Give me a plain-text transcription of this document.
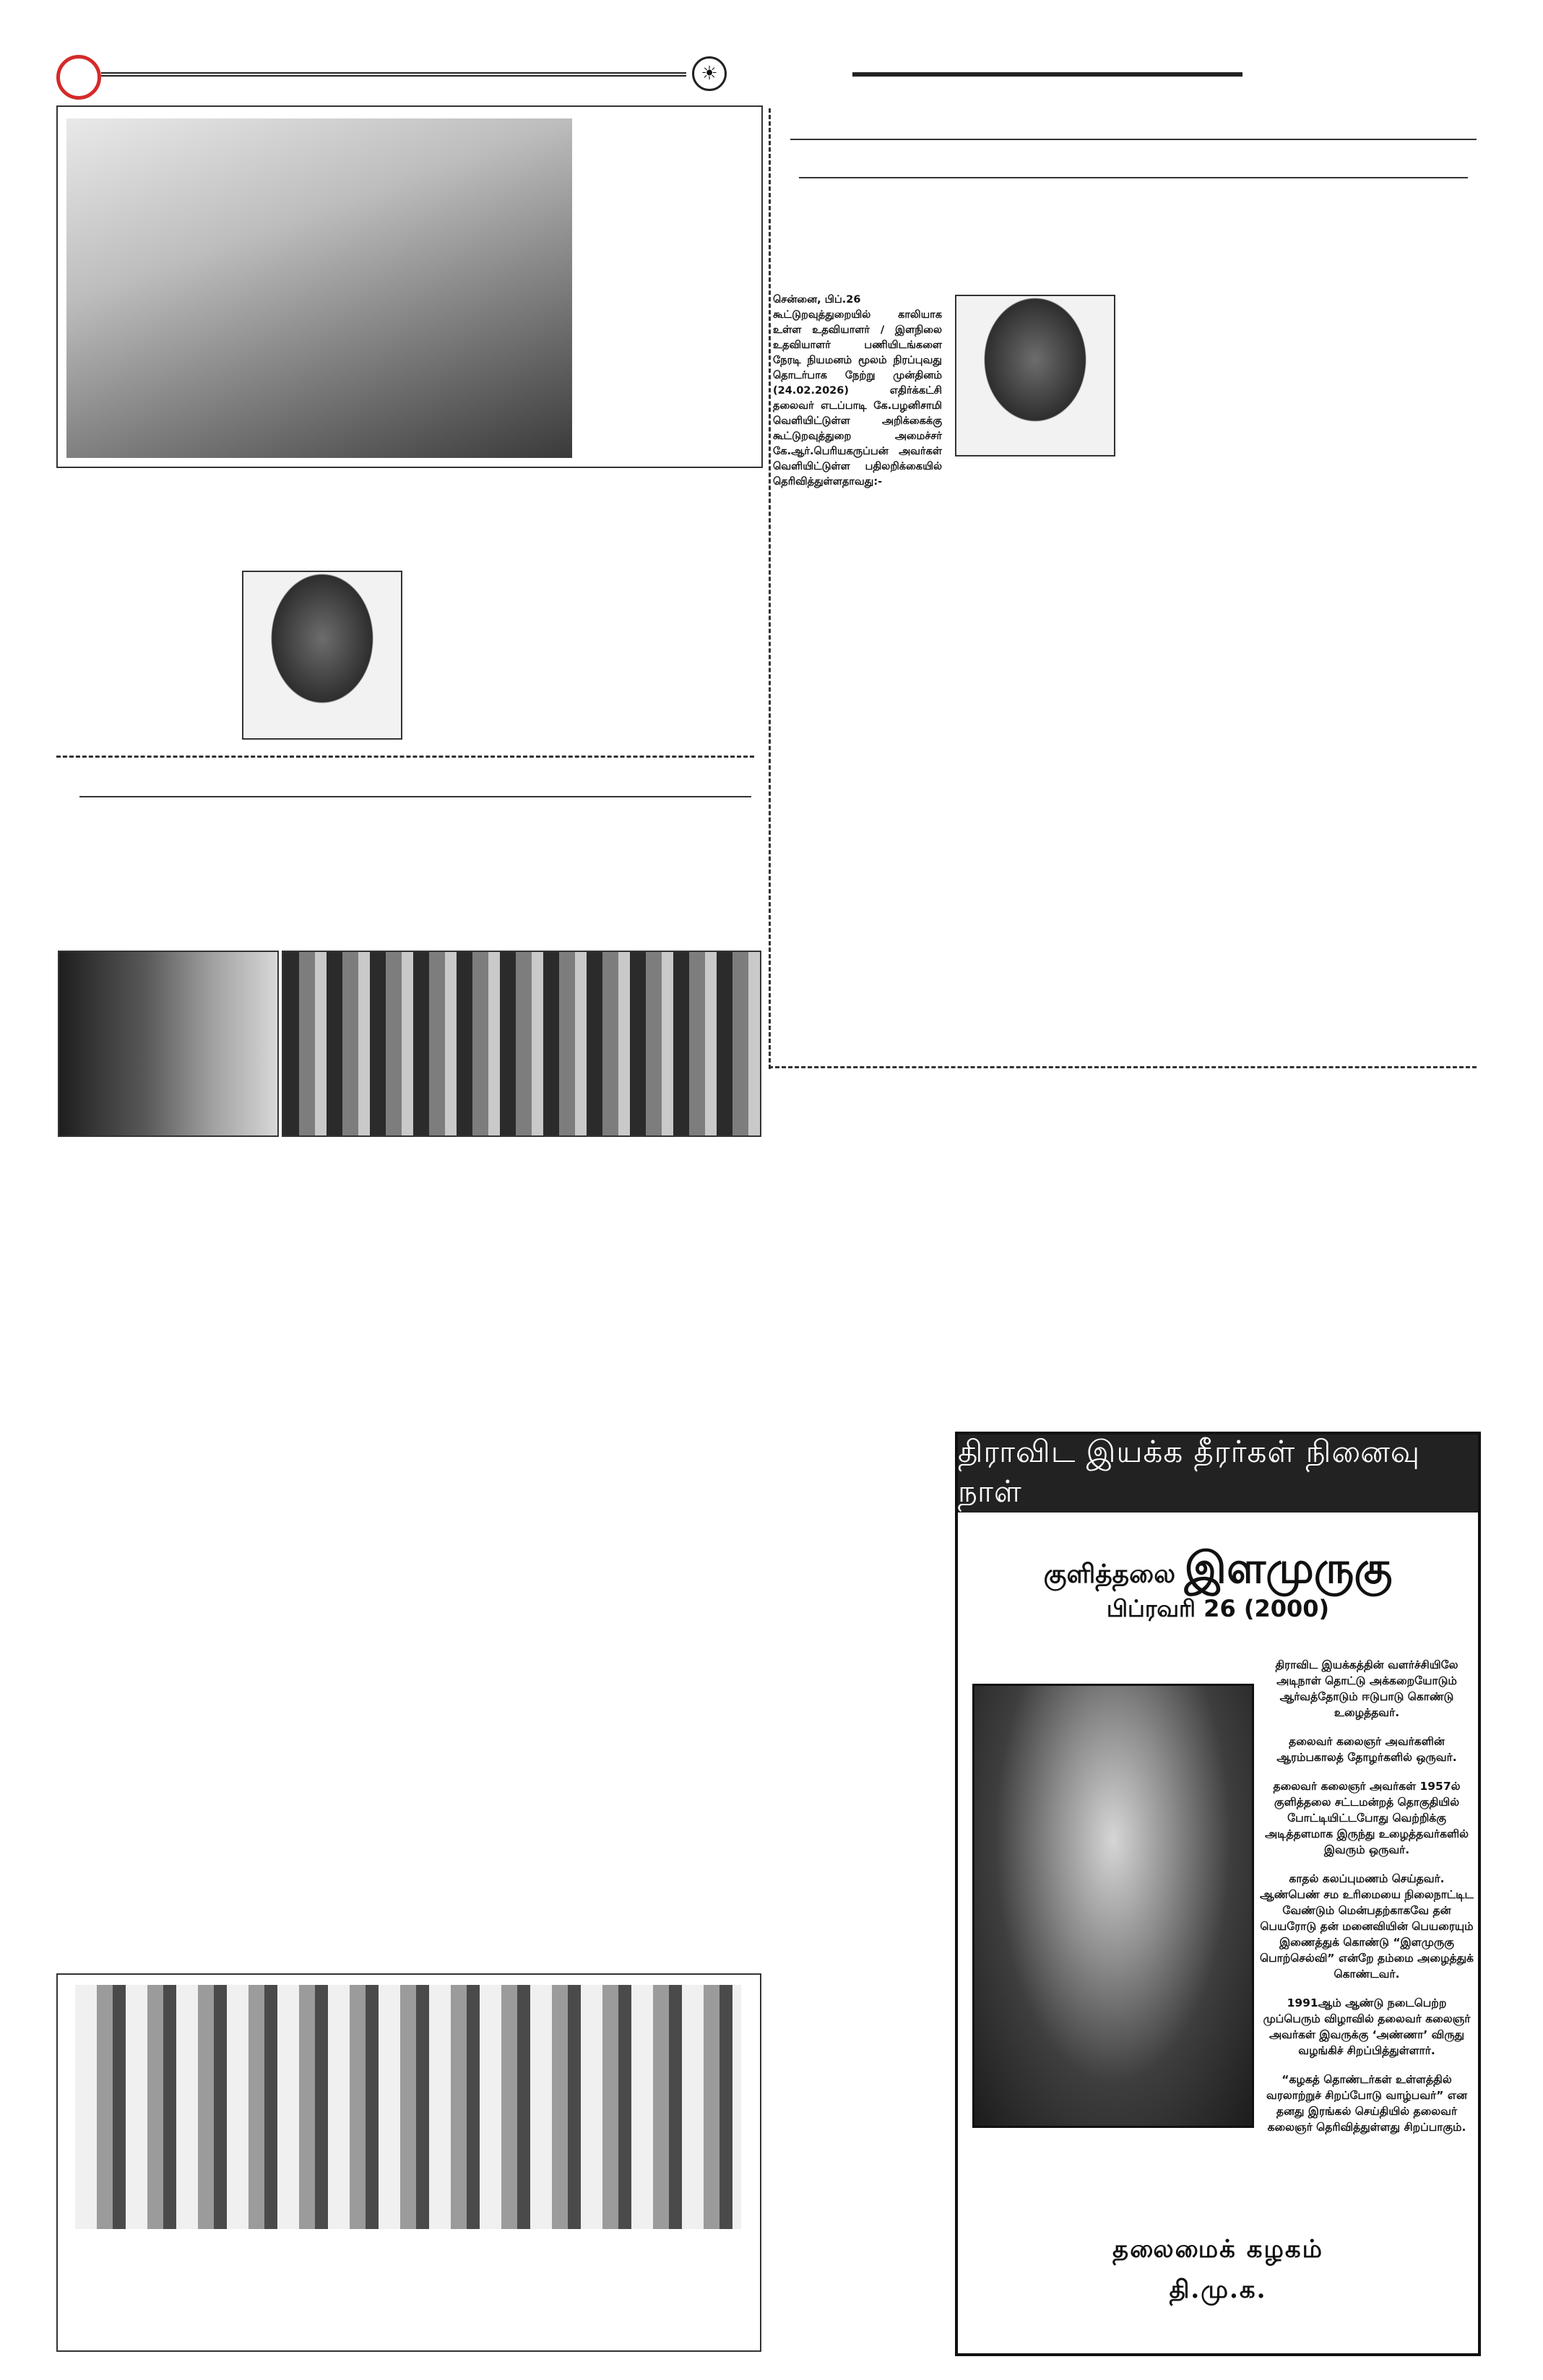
☀
சென்னை, பிப்.26
கூட்டுறவுத்துறையில் காலியாக உள்ள உதவியாளர் / இளநிலை உதவியாளர் பணியிடங்களை நேரடி நியமனம் மூலம் நிரப்புவது தொடர்பாக நேற்று முன்தினம் (24.02.2026) எதிர்க்கட்சி தலைவர் எடப்பாடி கே.பழனிசாமி வெளியிட்டுள்ள அறிக்கைக்கு கூட்டுறவுத்துறை அமைச்சர் கே.ஆர்.பெரியகருப்பன் அவர்கள் வெளியிட்டுள்ள பதிலறிக்கையில் தெரிவித்துள்ளதாவது:-
திராவிட இயக்க தீரர்கள் நினைவு நாள்
குளித்தலை இளமுருகு
பிப்ரவரி 26 (2000)

திராவிட இயக்கத்தின் வளர்ச்சியிலே அடிநாள் தொட்டு அக்கறையோடும் ஆர்வத்தோடும் ஈடுபாடு கொண்டு உழைத்தவர்.

தலைவர் கலைஞர் அவர்களின் ஆரம்பகாலத் தோழர்களில் ஒருவர்.

தலைவர் கலைஞர் அவர்கள் 1957ல் குளித்தலை சட்டமன்றத் தொகுதியில் போட்டியிட்டபோது வெற்றிக்கு அடித்தளமாக இருந்து உழைத்தவர்களில் இவரும் ஒருவர்.

காதல் கலப்புமணம் செய்தவர். ஆண்பெண் சம உரிமையை நிலைநாட்டிட வேண்டும் மென்பதற்காகவே தன் பெயரோடு தன் மனைவியின் பெயரையும் இணைத்துக் கொண்டு “இளமுருகு பொற்செல்வி” என்றே தம்மை அழைத்துக் கொண்டவர்.

1991ஆம் ஆண்டு நடைபெற்ற முப்பெரும் விழாவில் தலைவர் கலைஞர் அவர்கள் இவருக்கு ‘அண்ணா’ விருது வழங்கிச் சிறப்பித்துள்ளார்.

“கழகத் தொண்டர்கள் உள்ளத்தில் வரலாற்றுச் சிறப்போடு வாழ்பவர்” என தனது இரங்கல் செய்தியில் தலைவர் கலைஞர் தெரிவித்துள்ளது சிறப்பாகும்.

தலைமைக் கழகம்
தி.மு.க.
